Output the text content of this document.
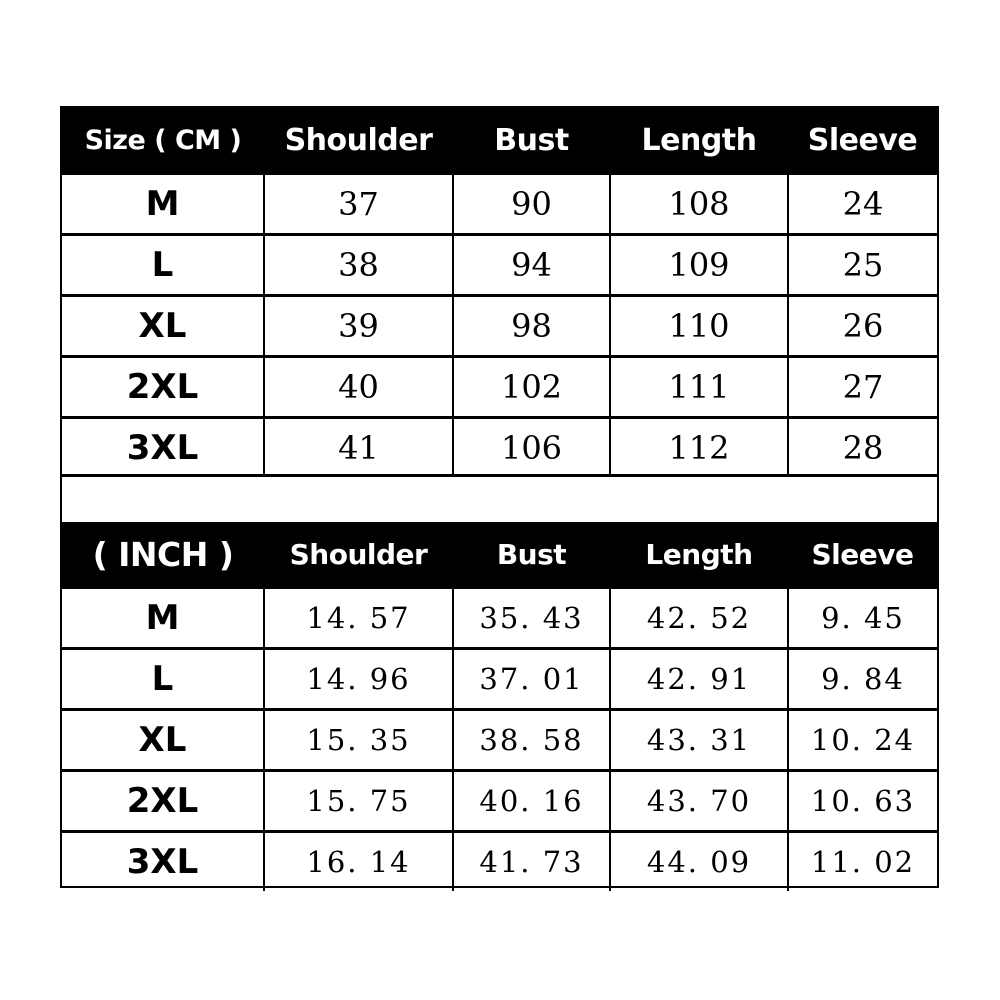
Size ( CM )	Shoulder	Bust	Length	Sleeve
M	37	90	108	24
L	38	94	109	25
XL	39	98	110	26
2XL	40	102	111	27
3XL	41	106	112	28
( INCH )	Shoulder	Bust	Length	Sleeve
M	14. 57	35. 43	42. 52	9. 45
L	14. 96	37. 01	42. 91	9. 84
XL	15. 35	38. 58	43. 31	10. 24
2XL	15. 75	40. 16	43. 70	10. 63
3XL	16. 14	41. 73	44. 09	11. 02
